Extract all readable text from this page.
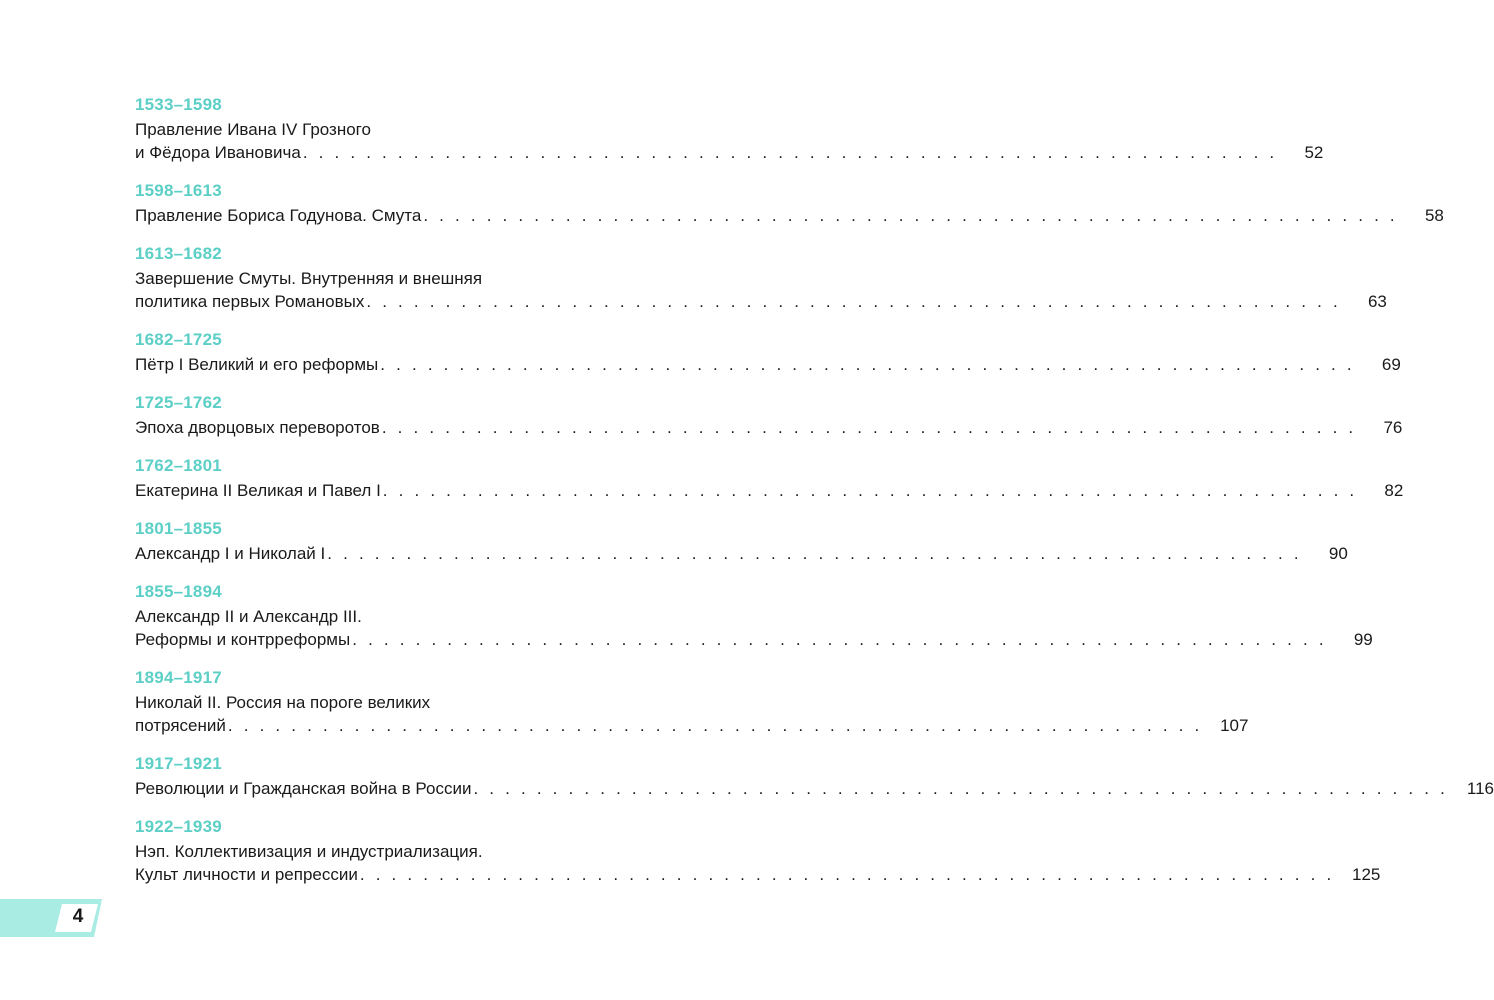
1533–1598
Правление Ивана IV Грозного
и Фёдора Ивановича . . . . . . . . . . . . . . . . . . . . . . . . . . . . . . . . . . . . . . . . . . . . . . . . . . . . . . . . . . . . . .	52
1598–1613
Правление Бориса Годунова. Смута . . . . . . . . . . . . . . . . . . . . . . . . . . . . . . . . . . . . . . . . . . . . . . . . . . . . . . . . . . . . . .	58
1613–1682
Завершение Смуты. Внутренняя и внешняя
политика первых Романовых . . . . . . . . . . . . . . . . . . . . . . . . . . . . . . . . . . . . . . . . . . . . . . . . . . . . . . . . . . . . . .	63
1682–1725
Пётр I Великий и его реформы . . . . . . . . . . . . . . . . . . . . . . . . . . . . . . . . . . . . . . . . . . . . . . . . . . . . . . . . . . . . . .	69
1725–1762
Эпоха дворцовых переворотов . . . . . . . . . . . . . . . . . . . . . . . . . . . . . . . . . . . . . . . . . . . . . . . . . . . . . . . . . . . . . .	76
1762–1801
Екатерина II Великая и Павел I . . . . . . . . . . . . . . . . . . . . . . . . . . . . . . . . . . . . . . . . . . . . . . . . . . . . . . . . . . . . . .	82
1801–1855
Александр I и Николай I . . . . . . . . . . . . . . . . . . . . . . . . . . . . . . . . . . . . . . . . . . . . . . . . . . . . . . . . . . . . . .	90
1855–1894
Александр II и Александр III.
Реформы и контрреформы . . . . . . . . . . . . . . . . . . . . . . . . . . . . . . . . . . . . . . . . . . . . . . . . . . . . . . . . . . . . . .	99
1894–1917
Николай II. Россия на пороге великих
потрясений . . . . . . . . . . . . . . . . . . . . . . . . . . . . . . . . . . . . . . . . . . . . . . . . . . . . . . . . . . . . . .	107
1917–1921
Революции и Гражданская война в России . . . . . . . . . . . . . . . . . . . . . . . . . . . . . . . . . . . . . . . . . . . . . . . . . . . . . . . . . . . . . .	116
1922–1939
Нэп. Коллективизация и индустриализация.
Культ личности и репрессии . . . . . . . . . . . . . . . . . . . . . . . . . . . . . . . . . . . . . . . . . . . . . . . . . . . . . . . . . . . . . .	125
4
